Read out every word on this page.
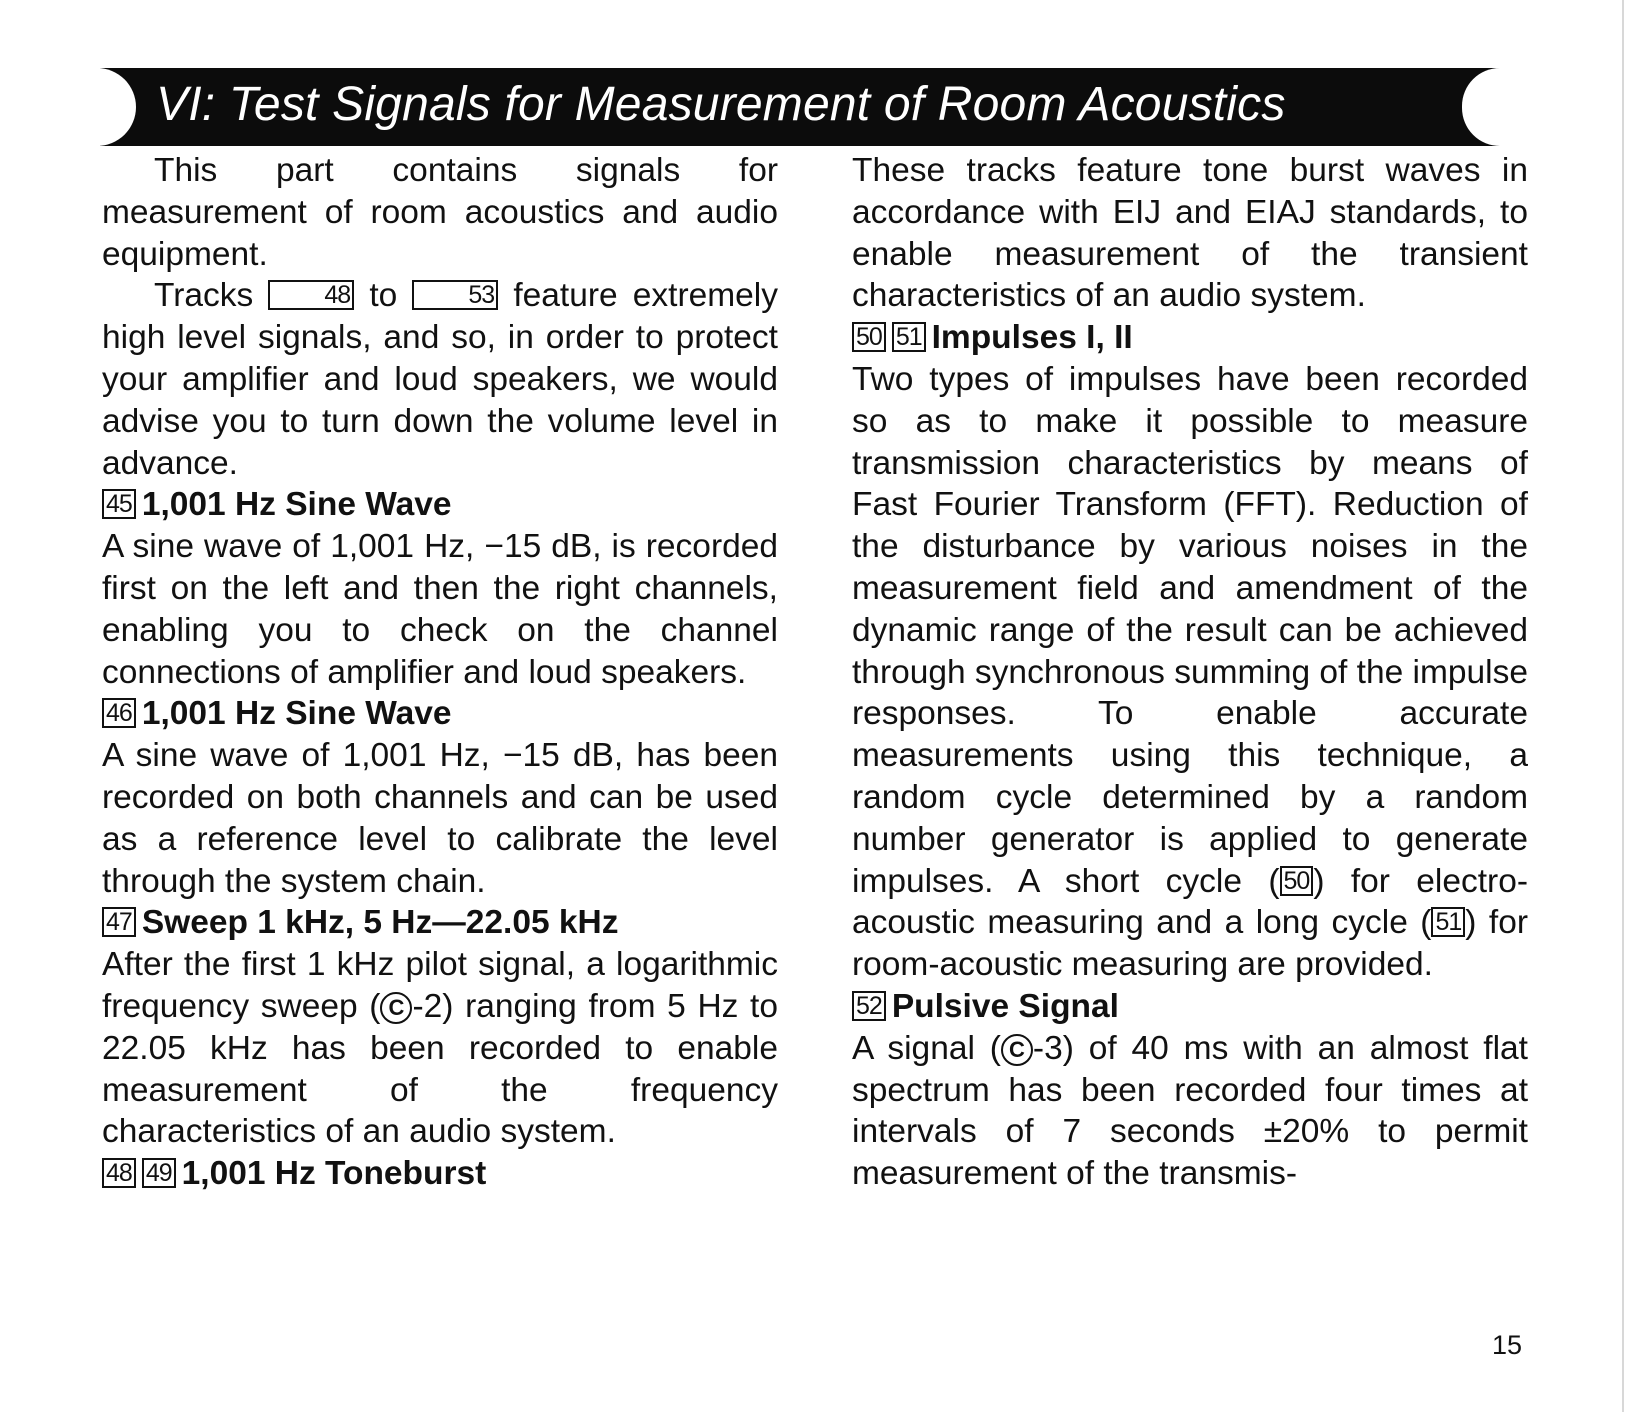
VI: Test Signals for Measurement of Room Acoustics

This part contains signals for measurement of room acoustics and audio equipment.

Tracks 48 to 53 feature extremely high level signals, and so, in order to protect your amplifier and loud speakers, we would advise you to turn down the volume level in advance.

45 1,001 Hz Sine Wave

A sine wave of 1,001 Hz, −15 dB, is recorded first on the left and then the right channels, enabling you to check on the channel connections of amplifier and loud speakers.

46 1,001 Hz Sine Wave

A sine wave of 1,001 Hz, −15 dB, has been recorded on both channels and can be used as a reference level to calibrate the level through the system chain.

47 Sweep 1 kHz, 5 Hz—22.05 kHz

After the first 1 kHz pilot signal, a logarithmic frequency sweep ( C -2) ranging from 5 Hz to 22.05 kHz has been recorded to enable measurement of the frequency characteristics of an audio system.

48 49 1,001 Hz Toneburst

These tracks feature tone burst waves in accordance with EIJ and EIAJ standards, to enable measurement of the transient characteristics of an audio system.

50 51 Impulses I, II

Two types of impulses have been recorded so as to make it possible to measure transmission characteristics by means of Fast Fourier Transform (FFT). Reduction of the disturbance by various noises in the measurement field and amendment of the dynamic range of the result can be achieved through synchronous summing of the impulse responses. To enable accurate measurements using this technique, a random cycle determined by a random number generator is applied to generate impulses. A short cycle ( 50 ) for electro-acoustic measuring and a long cycle ( 51 ) for room-acoustic measuring are provided.

52 Pulsive Signal

A signal ( C -3) of 40 ms with an almost flat spectrum has been recorded four times at intervals of 7 seconds ±20% to permit measurement of the transmis-

15
